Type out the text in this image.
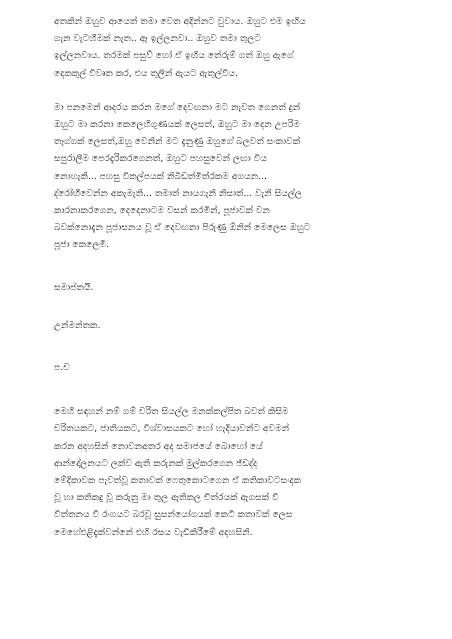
අතකින් ඔහුව ආයෙත් තමා වෙත අදින්නට වුවාය. ඔහුට එම ඉඟිය
ගැන වැටහීමක් නැත.. ඈ ඉල්ලනවා.. ඔහුව තමා තුලට
ඉල්ලනවාය. තරමක් පසුව් හෝ ඒ ඉඟිය තේරුම් ගත් ඔහු ඇගේ
දෙකකුල් විවෘත කර, එය තුලින් ඇයට ඇතුල්විය.
මා පනමෙන් ආදරය කරන මගේ දෙවඟනා මට නැවත ගෙනත් දුන්
ඔහුට මා කරනා කෙලෙහිගුණයක් ලෙසත්, ඔහුට මා දෙන උපරිම
තෑග්ගක් ලෙසත්,ඔහු වෙනින් මට දැනුණු ඔහුගේ බලවත් සංකාවක්
සපුරාලීම පෙරදැරිකරගෙනත්, ඔහුට පහසුවෙන් ලඟා විය
නොහැකි... පහසු විකල්පයක් නිබිඩත්මිත්රකම අගයන...
ද්රෝහීවෙන්න අකැමැති... තමාත් නායගැනි නිසාත්... වැනි සියල්ල
කාරනාකරගෙන, දෙදෙනාටම වසන් කරමින්, පූජාවක් වන
බවක්නොදැන පූජාසනය වූ ඒ දෙවඟනා පිරුණු ඕනින් මෙලෙස ඔහුට
පූජා කෙලෙමී.
සමාප්තයි.
උන්මන්තක.
ප.ච
මෙහි සඳහන් නම් ගම් චරිත සියල්ල මනක්කල්පිත බවත් කිසිම
චරිතයකට, ජාතියකට, විශ්වාසයකට හෝ හැදියාවන්ට අවමන්
කරන අදහසින් නොවනඅතර අද සමාජයේ බොහෝ යේ
ආන්දෝලනයට ලක්ව ඇති කරුනක් මුල්කරගෙන ජ්ඩද්ද
මේදිකාවක පැවත්වූ කතාවක් ෆෙතුකොටගෙන ඒ කතිකාවටසංදක
වූ හා කතිකදු වූ කරුනු මා තුල ඇතිකල චිත්රයක් ඇගසක් වී
විත්තනය වී රංගයට බරවූ සුසන්යෝගයක් කෙටි කතාවක් ලෙස
මෙහේඑළිදැක්වන්නේ එහි රසය වැඩිකිරීමේ අදහසිනි.
